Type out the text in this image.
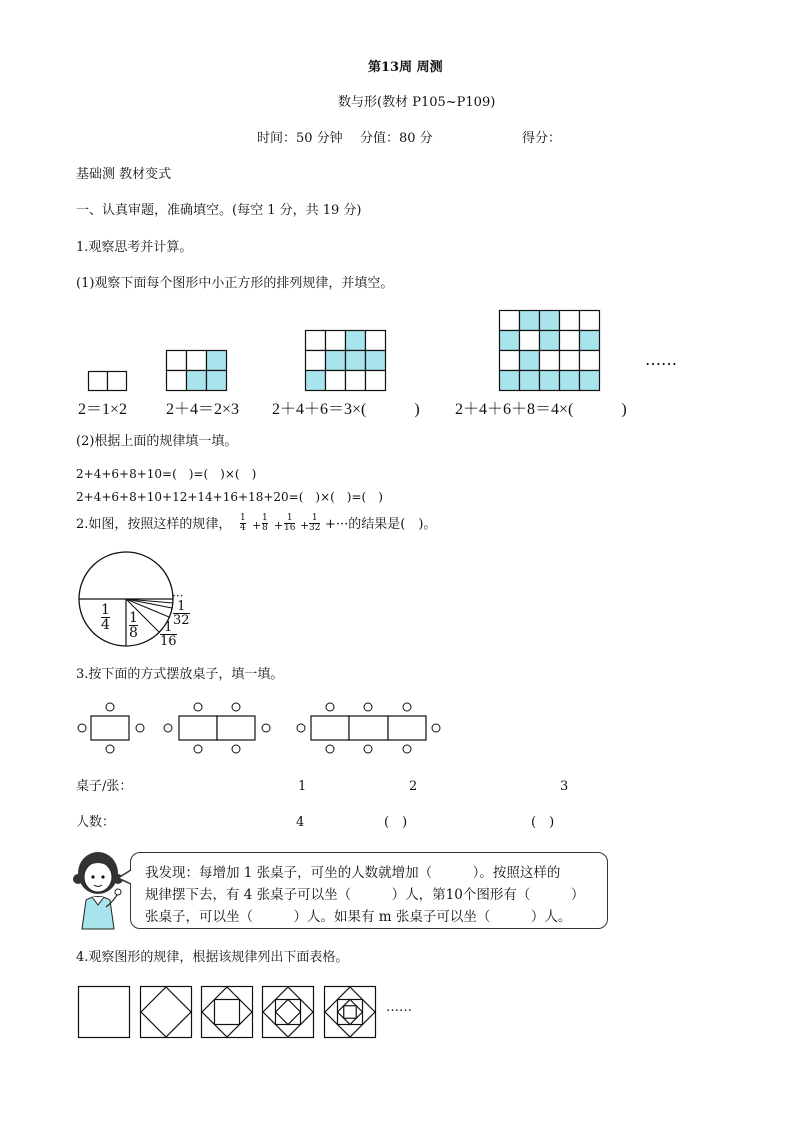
第13周 周测
数与形(教材 P105~P109)
时间：50 分钟 分值：80 分	得分：
基础测 教材变式
一、认真审题，准确填空。(每空 1 分，共 19 分)
1.观察思考并计算。
(1)观察下面每个图形中小正方形的排列规律，并填空。
……
2＝1×2 2＋4＝2×3 2＋4＋6＝3×(　　　) 2＋4＋6＋8＝4×(　　　)
(2)根据上面的规律填一填。
2+4+6+8+10=(　)=(　)×(　)
2+4+6+8+10+12+14+16+18+20=(　)×(　)=(　)
2.如图，按照这样的规律， 1
4 +
1
8 +
1
16 +
1
32 +···的结果是(　)。
1
4 1
8 1
16
1
32
···
3.按下面的方式摆放桌子，填一填。
桌子/张：	1	2	3
人数：	4	(　)	(　)
我发现：每增加 1 张桌子，可坐的人数就增加（　　　）。按照这样的
规律摆下去，有 4 张桌子可以坐（　　　）人，第10个图形有（　　　）
张桌子，可以坐（　　　）人。如果有 m 张桌子可以坐（　　　）人。
4.观察图形的规律，根据该规律列出下面表格。
……
